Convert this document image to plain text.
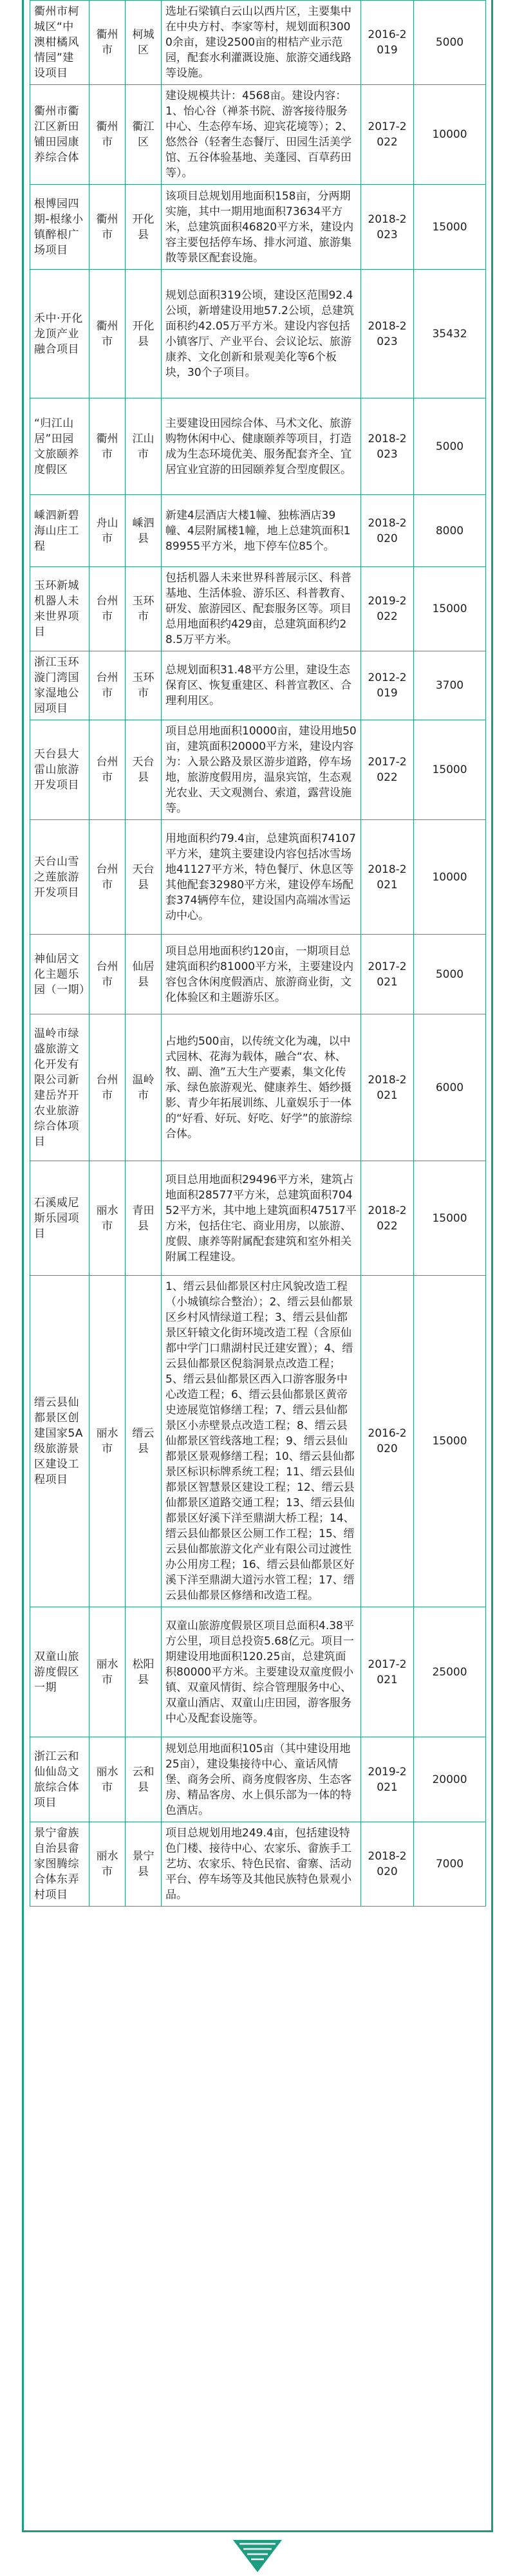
衢州市柯城区“中澳柑橘风情园”建设项目	衢州市	柯城区	选址石梁镇白云山以西片区，主要集中在中央方村、李家等村，规划面积3000余亩，建设2500亩的柑桔产业示范园，配套水利灌溉设施、旅游交通线路等设施。	2016-2019	5000
衢州市衢江区新田铺田园康养综合体	衢州市	衢江区	建设规模共计：4568亩。建设内容：1、怡心谷（禅茶书院、游客接待服务中心、生态停车场、迎宾花境等）；2、悠然谷（轻奢生态餐厅、田园生活美学馆、五谷体验基地、美蓬园、百草药田等）。	2017-2022	10000
根博园四期-根缘小镇醉根广场项目	衢州市	开化县	该项目总规划用地面积158亩，分两期实施，其中一期用地面积73634平方米，总建筑面积46820平方米，建设内容主要包括停车场、排水河道、旅游集散等景区配套设施。	2018-2023	15000
禾中·开化龙顶产业融合项目	衢州市	开化县	规划总面积319公顷，建设区范围92.4公顷，新增建设用地57.2公顷，总建筑面积约42.05万平方米。建设内容包括小镇客厅、产业平台、会议论坛、旅游康养、文化创新和景观美化等6个板块，30个子项目。	2018-2023	35432
“归江山居”田园文旅颐养度假区	衢州市	江山市	主要建设田园综合体、马术文化、旅游购物休闲中心、健康颐养等项目，打造成为生态环境优美、服务配套齐全、宜居宜业宜游的田园颐养复合型度假区。	2018-2023	5000
嵊泗新碧海山庄工程	舟山市	嵊泗县	新建4层酒店大楼1幢、独栋酒店39幢、4层附属楼1幢，地上总建筑面积189955平方米，地下停车位85个。	2018-2020	8000
玉环新城机器人未来世界项目	台州市	玉环市	包括机器人未来世界科普展示区、科普基地、生活体验、游乐区、科普教育、研发、旅游园区、配套服务区等。项目总用地面积约429亩，总建筑面积约28.5万平方米。	2019-2022	15000
浙江玉环漩门湾国家湿地公园项目	台州市	玉环市	总规划面积31.48平方公里，建设生态保育区、恢复重建区、科普宣教区、合理利用区。	2012-2019	3700
天台县大雷山旅游开发项目	台州市	天台县	项目总用地面积10000亩，建设用地50亩，建筑面积20000平方米，建设内容为：入景公路及景区游步道路，停车场地，旅游度假用房，温泉宾馆，生态观光农业、天文观测台、索道，露营设施等。	2017-2022	15000
天台山雪之莲旅游开发项目	台州市	天台县	用地面积约79.4亩，总建筑面积74107平方米，建筑主要建设内容包括冰雪场地41127平方米，特色餐厅、休息区等其他配套32980平方米，建设停车场配套374辆停车位，建设国内高端冰雪运动中心。	2018-2021	10000
神仙居文化主题乐园（一期）	台州市	仙居县	项目总用地面积约120亩，一期项目总建筑面积约81000平方米，主要建设内容包含休闲度假酒店、旅游商业街，文化体验区和主题游乐区。	2017-2021	5000
温岭市绿盛旅游文化开发有限公司新建岳岕开农业旅游综合体项目	台州市	温岭市	占地约500亩，以传统文化为魂，以中式园林、花海为载体，融合“农、林、牧、副、渔”五大生产要素，集文化传承、绿色旅游观光、健康养生、婚纱摄影、青少年拓展训练、儿童娱乐于一体的“好看、好玩、好吃、好学”的旅游综合体。	2018-2021	6000
石溪威尼斯乐园项目	丽水市	青田县	项目总用地面积29496平方米，建筑占地面积28577平方米，总建筑面积70452平方米，其中地上建筑面积47517平方米，包括住宅、商业用房，以旅游、度假、康养等附属配套建筑和室外相关附属工程建设。	2018-2022	15000
缙云县仙都景区创建国家5A级旅游景区建设工程项目	丽水市	缙云县	1、缙云县仙都景区村庄风貌改造工程（小城镇综合整治）；2、缙云县仙都景区乡村风情绿道工程；3、缙云县仙都景区轩辕文化街环境改造工程（含原仙都中学门口鼎湖村民迁建安置）；4、缙云县仙都景区倪翁洞景点改造工程；5、缙云县仙都景区西入口游客服务中心改造工程；6、缙云县仙都景区黄帝史迹展览馆修缮工程；7、缙云县仙都景区小赤壁景点改造工程；8、缙云县仙都景区管线落地工程；9、缙云县仙都景区景观修缮工程；10、缙云县仙都景区标识标牌系统工程；11、缙云县仙都景区智慧景区建设工程；12、缙云县仙都景区道路交通工程；13、缙云县仙都景区好溪下洋至鼎湖大桥工程；14、缙云县仙都景区公厕工作工程；15、缙云县仙都旅游文化产业有限公司过渡性办公用房工程；16、缙云县仙都景区好溪下洋至鼎湖大道污水管工程；17、缙云县仙都景区修缮和改造工程。	2016-2020	15000
双童山旅游度假区一期	丽水市	松阳县	双童山旅游度假景区项目总面积4.38平方公里，项目总投资5.68亿元。项目一期建设用地面积120.25亩，总建筑面积80000平方米。主要建设双童度假小镇、双童风情街、综合管理服务中心、双童山酒店、双童山庄田园，游客服务中心及配套设施等。	2017-2021	25000
浙江云和仙仙岛文旅综合体项目	丽水市	云和县	规划总用地面积105亩（其中建设用地25亩），建设集接待中心、童话风情堡、商务会所、商务度假客房、生态客房、精品客房、水上俱乐部为一体的特色酒店。	2019-2021	20000
景宁畲族自治县畲家图腾综合体东弄村项目	丽水市	景宁县	项目总规划用地249.4亩，包括建设特色门楼、接待中心、农家乐、畲族手工艺坊、农家乐、特色民宿、畲寨、活动平台、停车场等及其他民族特色景观小品。	2018-2020	7000
